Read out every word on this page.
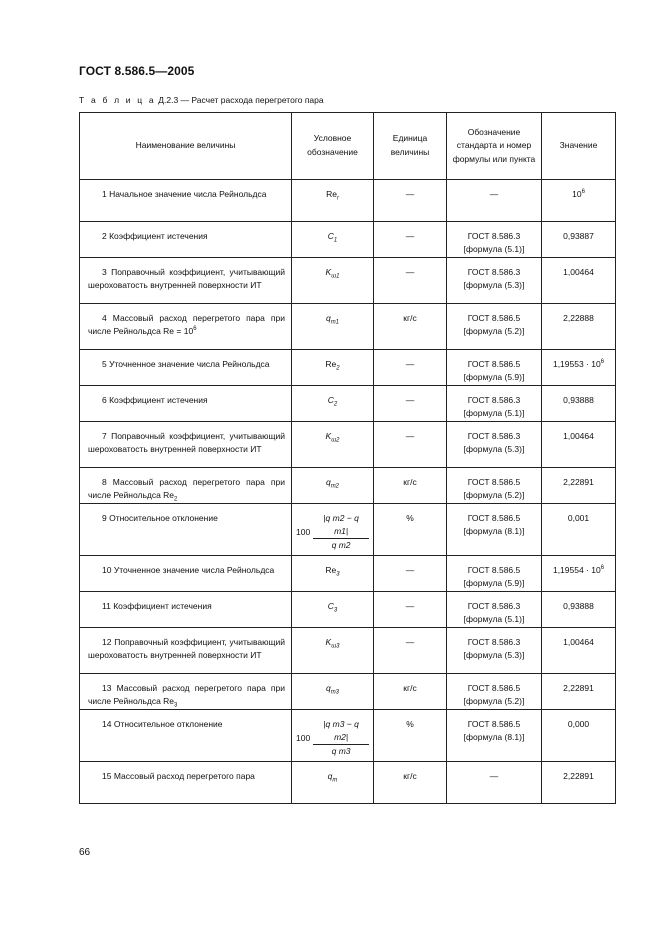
ГОСТ 8.586.5—2005
Т а б л и ц а Д.2.3 — Расчет расхода перегретого пара
Наименование величины	Условное обозначение	Единица величины	Обозначение стандарта и номер формулы или пункта	Значение
1 Начальное значение числа Рейнольдса	$Re_r$	—	—	$10^6$
2 Коэффициент истечения	$C_1$	—	ГОСТ 8.586.3 [формула (5.1)]	0,93887
3 Поправочный коэффициент, учитывающий шероховатость внутренней поверхности ИТ	$K_{ш1}$	—	ГОСТ 8.586.3 [формула (5.3)]	1,00464
4 Массовый расход перегретого пара при числе Рейнольдса $Re = 10^6$	$q_{m1}$	кг/с	ГОСТ 8.586.5 [формула (5.2)]	2,22888
5 Уточненное значение числа Рейнольдса	$Re_2$	—	ГОСТ 8.586.5 [формула (5.9)]	$1,19553 \cdot 10^6$
6 Коэффициент истечения	$C_2$	—	ГОСТ 8.586.3 [формула (5.1)]	0,93888
7 Поправочный коэффициент, учитывающий шероховатость внутренней поверхности ИТ	$K_{ш2}$	—	ГОСТ 8.586.3 [формула (5.3)]	1,00464
8 Массовый расход перегретого пара при числе Рейнольдса $Re_2$	$q_{m2}$	кг/с	ГОСТ 8.586.5 [формула (5.2)]	2,22891
9 Относительное отклонение	$100 \frac{\text{|q m2 − q m1|}}{\text{q m2}}$	%	ГОСТ 8.586.5 [формула (8.1)]	0,001
10 Уточненное значение числа Рейнольдса	$Re_3$	—	ГОСТ 8.586.5 [формула (5.9)]	$1,19554 \cdot 10^6$
11 Коэффициент истечения	$C_3$	—	ГОСТ 8.586.3 [формула (5.1)]	0,93888
12 Поправочный коэффициент, учитывающий шероховатость внутренней поверхности ИТ	$K_{ш3}$	—	ГОСТ 8.586.3 [формула (5.3)]	1,00464
13 Массовый расход перегретого пара при числе Рейнольдса $Re_3$	$q_{m3}$	кг/с	ГОСТ 8.586.5 [формула (5.2)]	2,22891
14 Относительное отклонение	$100 \frac{\text{|q m3 − q m2|}}{\text{q m3}}$	%	ГОСТ 8.586.5 [формула (8.1)]	0,000
15 Массовый расход перегретого пара	$q_m$	кг/с	—	2,22891
66
